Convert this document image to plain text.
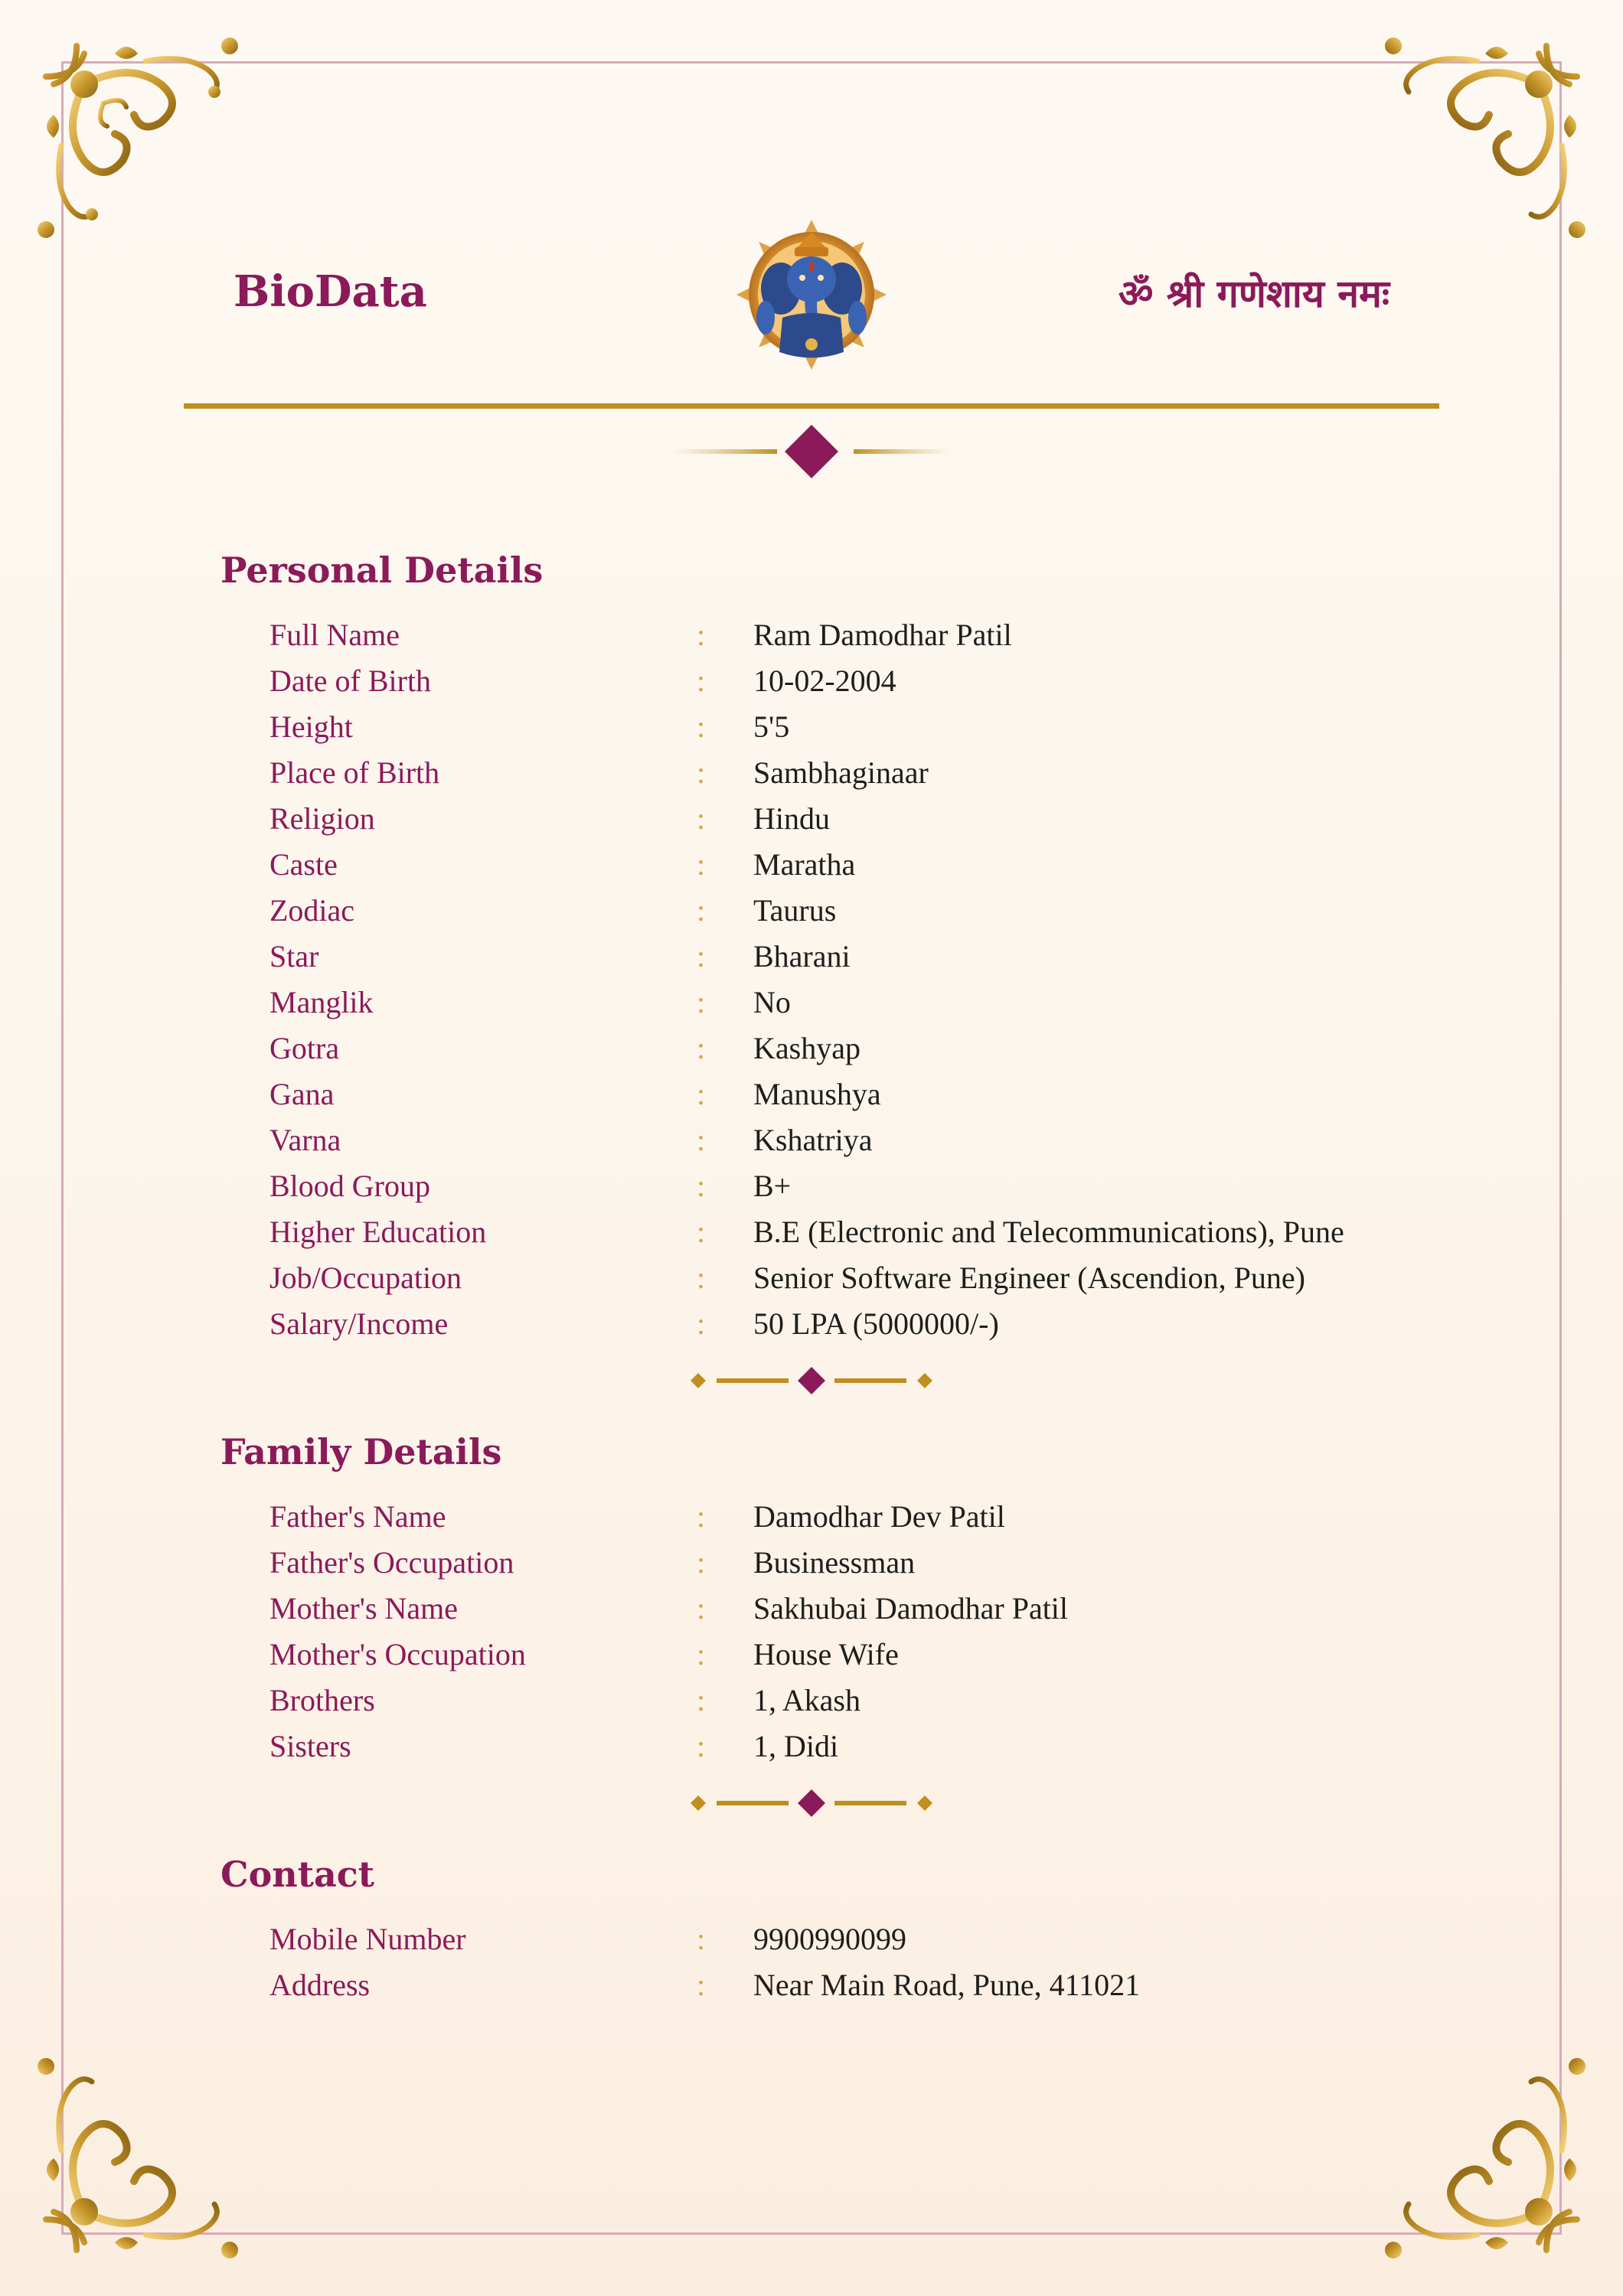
BioData	ॐ श्री गणेशाय नमः
Personal Details
Full Name	: Ram Damodhar Patil
Date of Birth	: 10-02-2004
Height	: 5'5
Place of Birth	: Sambhaginaar
Religion	: Hindu
Caste	: Maratha
Zodiac	: Taurus
Star	: Bharani
Manglik	: No
Gotra	: Kashyap
Gana	: Manushya
Varna	: Kshatriya
Blood Group	: B+
Higher Education	: B.E (Electronic and Telecommunications), Pune
Job/Occupation	: Senior Software Engineer (Ascendion, Pune)
Salary/Income	: 50 LPA (5000000/-)
Family Details
Father's Name	: Damodhar Dev Patil
Father's Occupation	: Businessman
Mother's Name	: Sakhubai Damodhar Patil
Mother's Occupation	: House Wife
Brothers	: 1, Akash
Sisters	: 1, Didi
Contact
Mobile Number	: 9900990099
Address	: Near Main Road, Pune, 411021
